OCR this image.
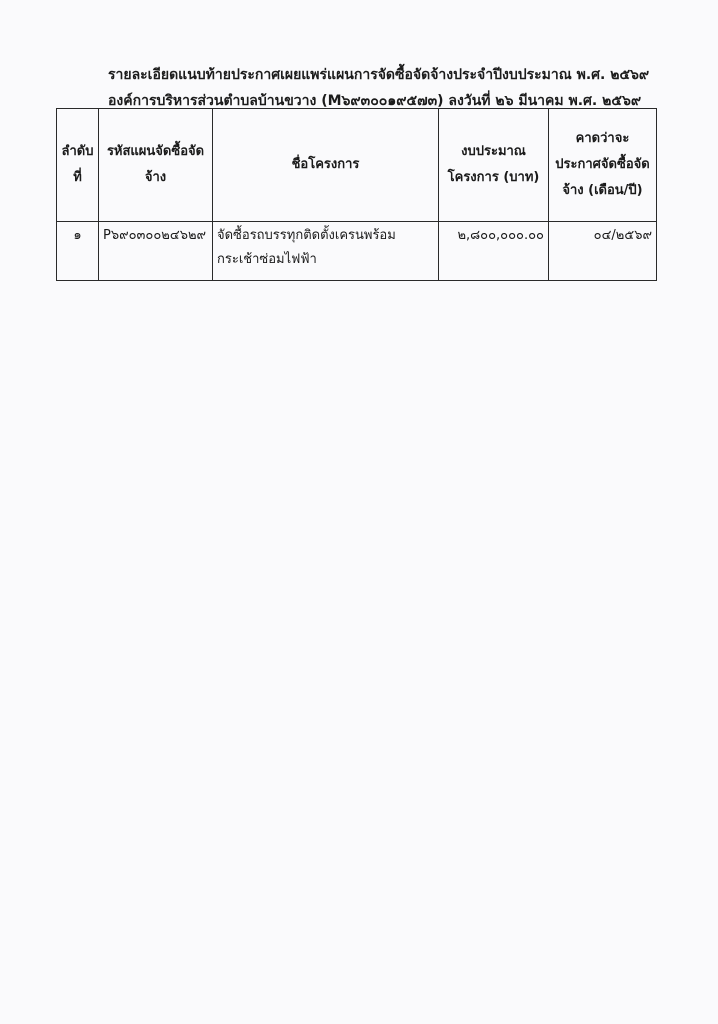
รายละเอียดแนบท้ายประกาศเผยแพร่แผนการจัดซื้อจัดจ้างประจำปีงบประมาณ พ.ศ. ๒๕๖๙
องค์การบริหารส่วนตำบลบ้านขวาง (M๖๙๓๐๐๑๙๕๗๓) ลงวันที่ ๒๖ มีนาคม พ.ศ. ๒๕๖๙
ลำดับที่	รหัสแผนจัดซื้อจัดจ้าง	ชื่อโครงการ	งบประมาณโครงการ (บาท)	คาดว่าจะประกาศจัดซื้อจัดจ้าง (เดือน/ปี)
๑	P๖๙๐๓๐๐๒๔๖๒๙	จัดซื้อรถบรรทุกติดตั้งเครนพร้อมกระเช้าซ่อมไฟฟ้า	๒,๘๐๐,๐๐๐.๐๐	๐๔/๒๕๖๙
